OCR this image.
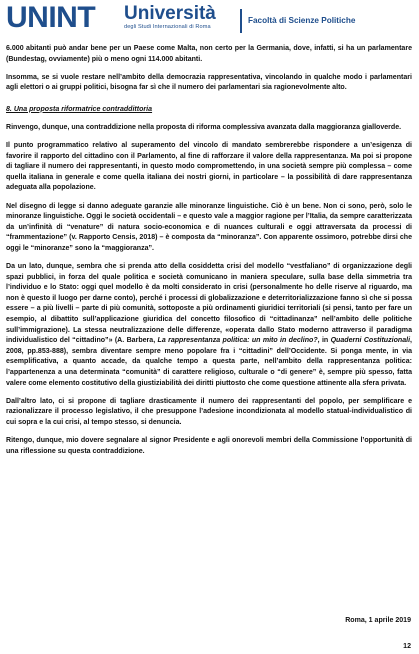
UNINT Università
degli Studi Internazionali di Roma
Facoltà di Scienze Politiche

6.000 abitanti può andar bene per un Paese come Malta, non certo per la Germania, dove, infatti, si ha un parlamentare (Bundestag, ovviamente) più o meno ogni 114.000 abitanti.

Insomma, se si vuole restare nell’ambito della democrazia rappresentativa, vincolando in qualche modo i parlamentari agli elettori o ai gruppi politici, bisogna far sì che il numero dei parlamentari sia ragionevolmente alto.

8. Una proposta riformatrice contraddittoria

Rinvengo, dunque, una contraddizione nella proposta di riforma complessiva avanzata dalla maggioranza gialloverde.

Il punto programmatico relativo al superamento del vincolo di mandato sembrerebbe rispondere a un’esigenza di favorire il rapporto del cittadino con il Parlamento, al fine di rafforzare il valore della rappresentanza. Ma poi si propone di tagliare il numero dei rappresentanti, in questo modo compromettendo, in una società sempre più complessa – come quella italiana in generale e come quella italiana dei nostri giorni, in particolare – la possibilità di dare rappresentanza adeguata alla popolazione.

Nel disegno di legge si danno adeguate garanzie alle minoranze linguistiche. Ciò è un bene. Non ci sono, però, solo le minoranze linguistiche. Oggi le società occidentali – e questo vale a maggior ragione per l’Italia, da sempre caratterizzata da un’infinità di “venature” di natura socio-economica e di nuances culturali e oggi attraversata da processi di “frammentazione” (v. Rapporto Censis, 2018) – è composta da “minoranza”. Con apparente ossimoro, potrebbe dirsi che oggi le “minoranze” sono la “maggioranza”.

Da un lato, dunque, sembra che si prenda atto della cosiddetta crisi del modello “vestfaliano” di organizzazione degli spazi pubblici, in forza del quale politica e società comunicano in maniera speculare, sulla base della simmetria tra l’individuo e lo Stato: oggi quel modello è da molti considerato in crisi (personalmente ho delle riserve al riguardo, ma non è questo il luogo per darne conto), perché i processi di globalizzazione e deterritorializzazione fanno sì che si possa essere – a più livelli – parte di più comunità, sottoposte a più ordinamenti giuridici territoriali (si pensi, tanto per fare un esempio, al dibattito sull’applicazione giuridica del concetto filosofico di “cittadinanza” nell’ambito delle politiche sull’immigrazione). La stessa neutralizzazione delle differenze, «operata dallo Stato moderno attraverso il paradigma individualistico del “cittadino”» (A. Barbera, La rappresentanza politica: un mito in declino?, in Quaderni Costituzionali, 2008, pp.853-888), sembra diventare sempre meno popolare fra i “cittadini” dell’Occidente. Si ponga mente, in via esemplificativa, a quanto accade, da qualche tempo a questa parte, nell’ambito della rappresentanza politica: l’appartenenza a una determinata “comunità” di carattere religioso, culturale o “di genere” è, sempre più spesso, fatta valere come elemento costitutivo della giustiziabilità dei diritti piuttosto che come questione attinente alla sfera privata.

Dall’altro lato, ci si propone di tagliare drasticamente il numero dei rappresentanti del popolo, per semplificare e razionalizzare il processo legislativo, il che presuppone l’adesione incondizionata al modello statual-individualistico di cui sopra e la cui crisi, al tempo stesso, si denuncia.

Ritengo, dunque, mio dovere segnalare al signor Presidente e agli onorevoli membri della Commissione l’opportunità di una riflessione su questa contraddizione.

Roma, 1 aprile 2019
12
